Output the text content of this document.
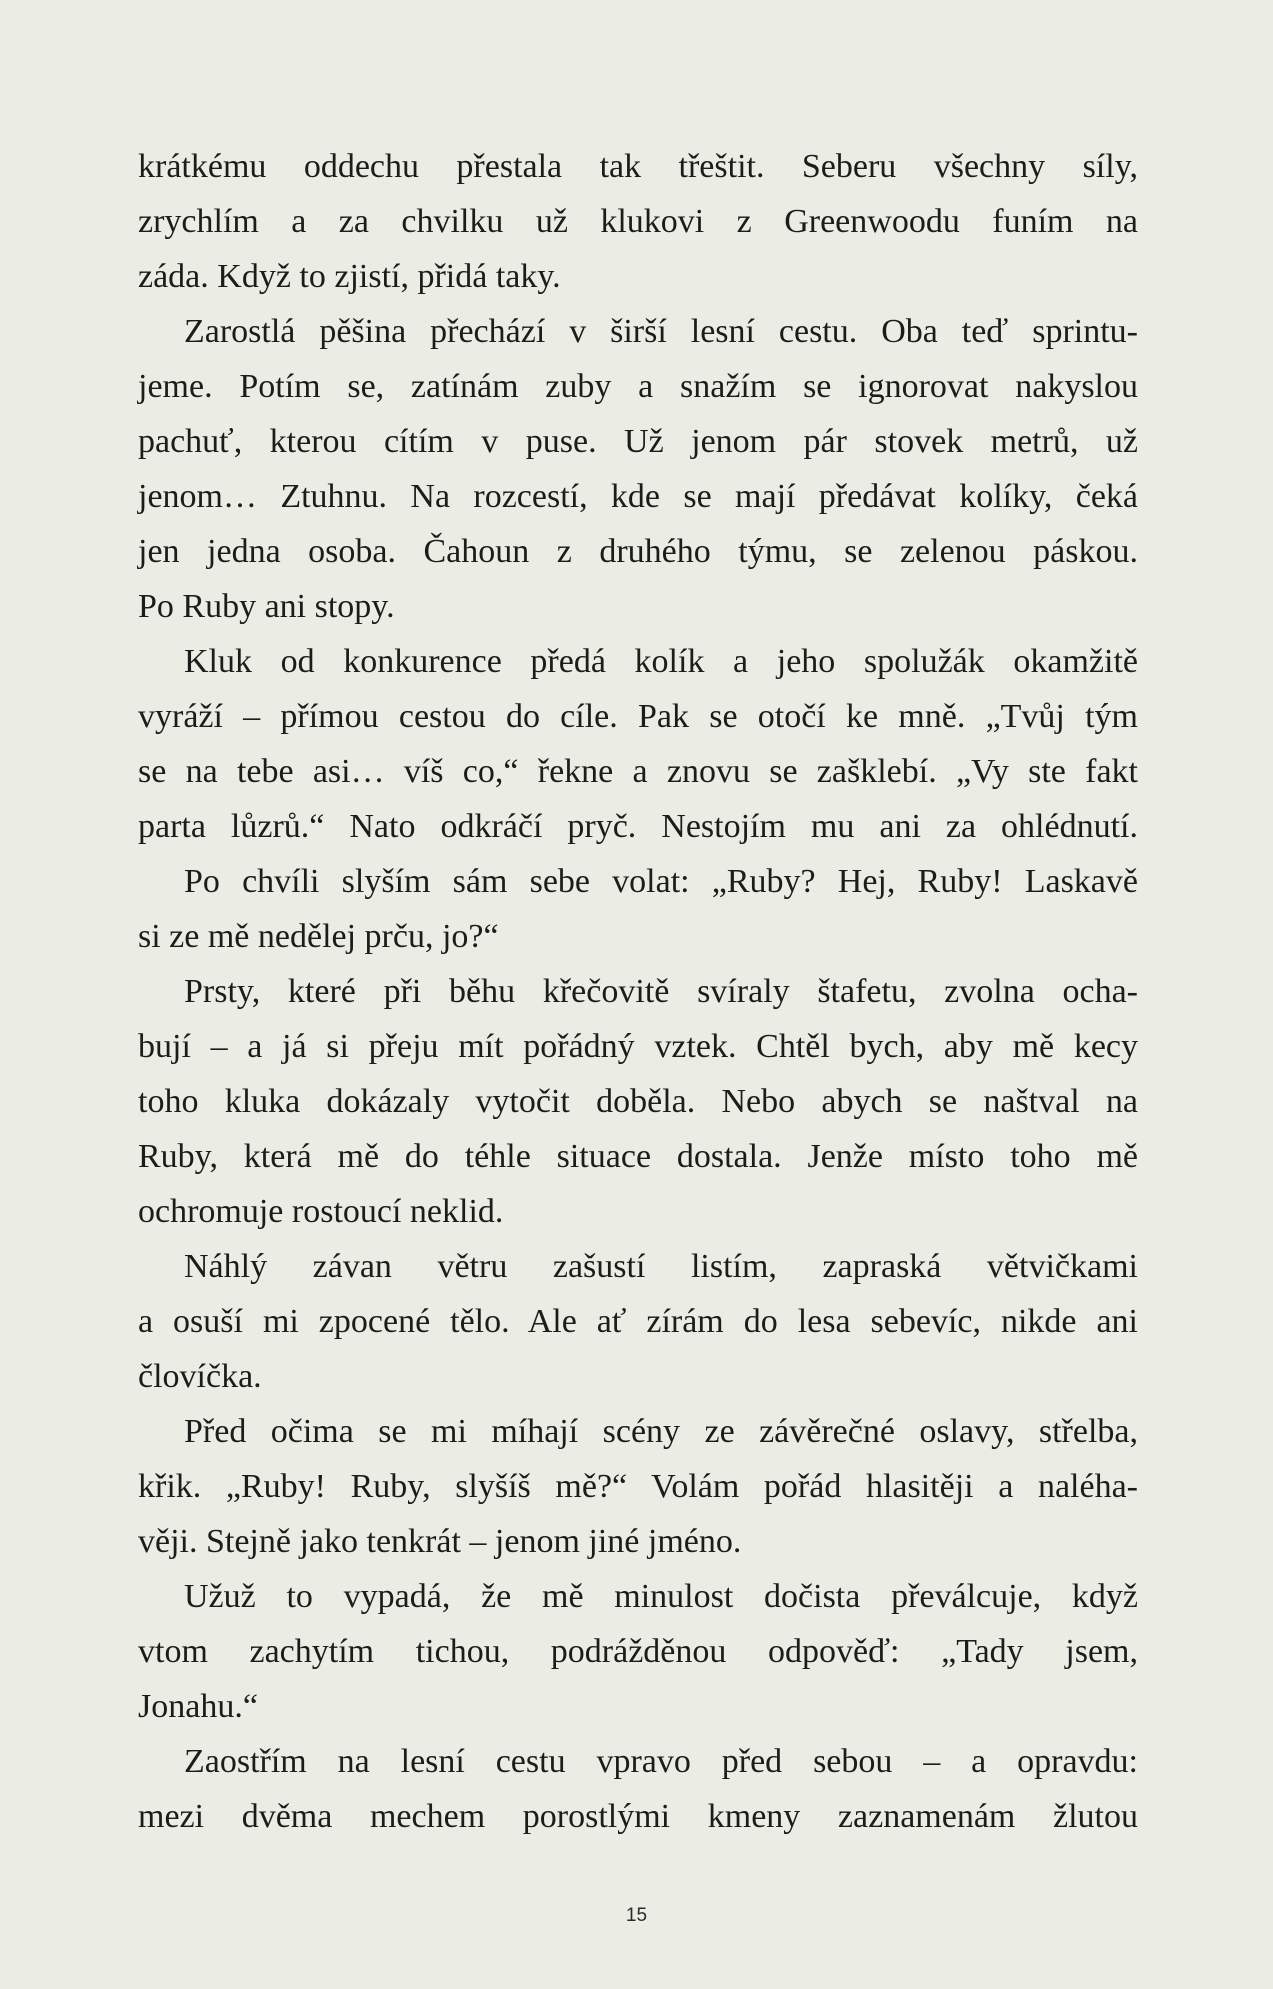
krátkému oddechu přestala tak třeštit. Seberu všechny síly,
zrychlím a za chvilku už klukovi z Greenwoodu funím na
záda. Když to zjistí, přidá taky.
Zarostlá pěšina přechází v širší lesní cestu. Oba teď sprintu-
jeme. Potím se, zatínám zuby a snažím se ignorovat nakyslou
pachuť, kterou cítím v puse. Už jenom pár stovek metrů, už
jenom… Ztuhnu. Na rozcestí, kde se mají předávat kolíky, čeká
jen jedna osoba. Čahoun z druhého týmu, se zelenou páskou.
Po Ruby ani stopy.
Kluk od konkurence předá kolík a jeho spolužák okamžitě
vyráží – přímou cestou do cíle. Pak se otočí ke mně. „Tvůj tým
se na tebe asi… víš co,“ řekne a znovu se zašklebí. „Vy ste fakt
parta lůzrů.“ Nato odkráčí pryč. Nestojím mu ani za ohlédnutí.
Po chvíli slyším sám sebe volat: „Ruby? Hej, Ruby! Laskavě
si ze mě nedělej prču, jo?“
Prsty, které při běhu křečovitě svíraly štafetu, zvolna ocha-
bují – a já si přeju mít pořádný vztek. Chtěl bych, aby mě kecy
toho kluka dokázaly vytočit doběla. Nebo abych se naštval na
Ruby, která mě do téhle situace dostala. Jenže místo toho mě
ochromuje rostoucí neklid.
Náhlý závan větru zašustí listím, zapraská větvičkami
a osuší mi zpocené tělo. Ale ať zírám do lesa sebevíc, nikde ani
človíčka.
Před očima se mi míhají scény ze závěrečné oslavy, střelba,
křik. „Ruby! Ruby, slyšíš mě?“ Volám pořád hlasitěji a naléha-
věji. Stejně jako tenkrát – jenom jiné jméno.
Užuž to vypadá, že mě minulost dočista převálcuje, když
vtom zachytím tichou, podrážděnou odpověď: „Tady jsem,
Jonahu.“
Zaostřím na lesní cestu vpravo před sebou – a opravdu:
mezi dvěma mechem porostlými kmeny zaznamenám žlutou
15
